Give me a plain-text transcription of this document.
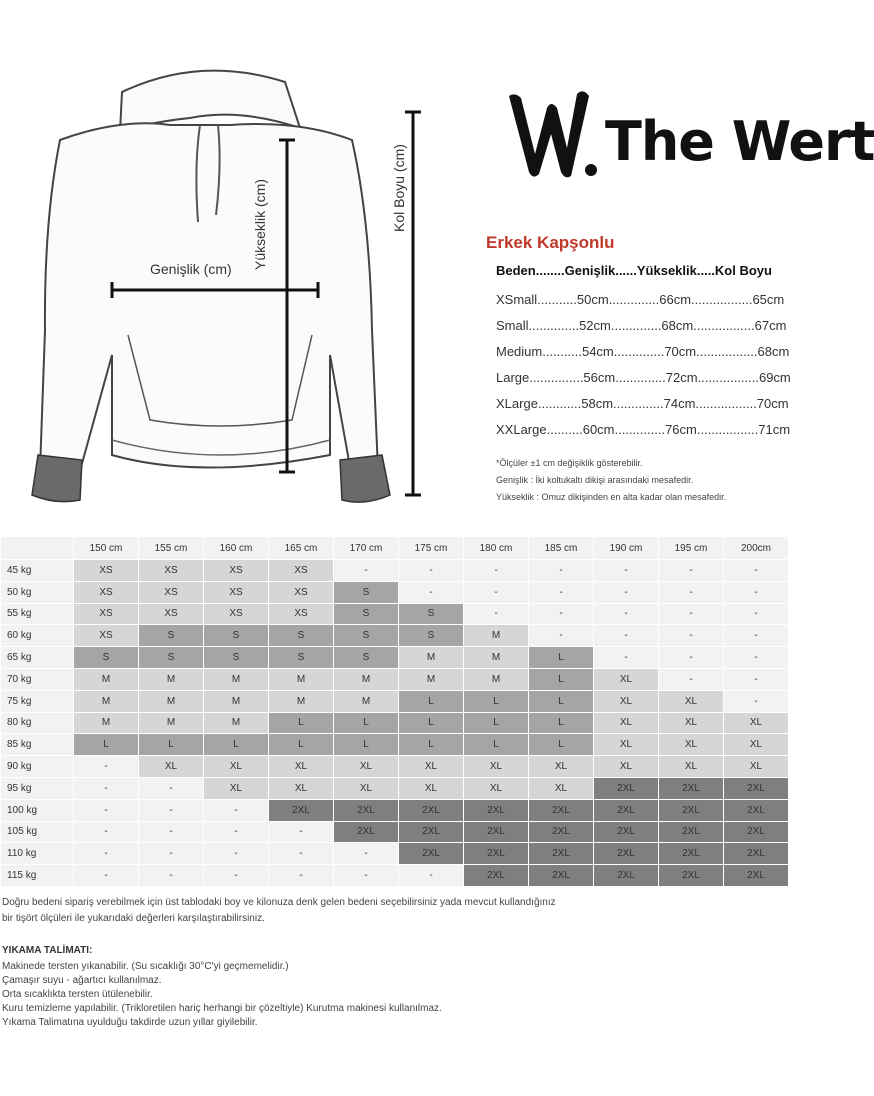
Genişlik (cm) Yükseklik (cm)	Kol Boyu (cm)
The Wert
Erkek Kapşonlu
Beden........Genişlik......Yükseklik.....Kol Boyu
XSmall...........50cm..............66cm.................65cm
Small..............52cm..............68cm.................67cm
Medium...........54cm..............70cm.................68cm
Large...............56cm..............72cm.................69cm
XLarge............58cm..............74cm.................70cm
XXLarge..........60cm..............76cm.................71cm
*Ölçüler ±1 cm değişiklik gösterebilir.
Genişlik : İki koltukaltı dikişi arasındaki mesafedir.
Yükseklik : Omuz dikişinden en alta kadar olan mesafedir.
	150 cm	155 cm	160 cm	165 cm	170 cm	175 cm	180 cm	185 cm	190 cm	195 cm	200cm
45 kg	XS	XS	XS	XS	-	-	-	-	-	-	-
50 kg	XS	XS	XS	XS	S	-	-	-	-	-	-
55 kg	XS	XS	XS	XS	S	S	-	-	-	-	-
60 kg	XS	S	S	S	S	S	M	-	-	-	-
65 kg	S	S	S	S	S	M	M	L	-	-	-
70 kg	M	M	M	M	M	M	M	L	XL	-	-
75 kg	M	M	M	M	M	L	L	L	XL	XL	-
80 kg	M	M	M	L	L	L	L	L	XL	XL	XL
85 kg	L	L	L	L	L	L	L	L	XL	XL	XL
90 kg	-	XL	XL	XL	XL	XL	XL	XL	XL	XL	XL
95 kg	-	-	XL	XL	XL	XL	XL	XL	2XL	2XL	2XL
100 kg	-	-	-	2XL	2XL	2XL	2XL	2XL	2XL	2XL	2XL
105 kg	-	-	-	-	2XL	2XL	2XL	2XL	2XL	2XL	2XL
110 kg	-	-	-	-	-	2XL	2XL	2XL	2XL	2XL	2XL
115 kg	-	-	-	-	-	-	2XL	2XL	2XL	2XL	2XL
Doğru bedeni sipariş verebilmek için üst tablodaki boy ve kilonuza denk gelen bedeni seçebilirsiniz yada mevcut kullandığınız
bir tişört ölçüleri ile yukarıdaki değerleri karşılaştırabilirsiniz.
YIKAMA TALİMATI:
Makinede tersten yıkanabilir. (Su sıcaklığı 30°C'yi geçmemelidir.)
Çamaşır suyu - ağartıcı kullanılmaz.
Orta sıcaklıkta tersten ütülenebilir.
Kuru temizleme yapılabilir. (Trikloretilen hariç herhangi bir çözeltiyle) Kurutma makinesi kullanılmaz.
Yıkama Talimatına uyulduğu takdirde uzun yıllar giyilebilir.
